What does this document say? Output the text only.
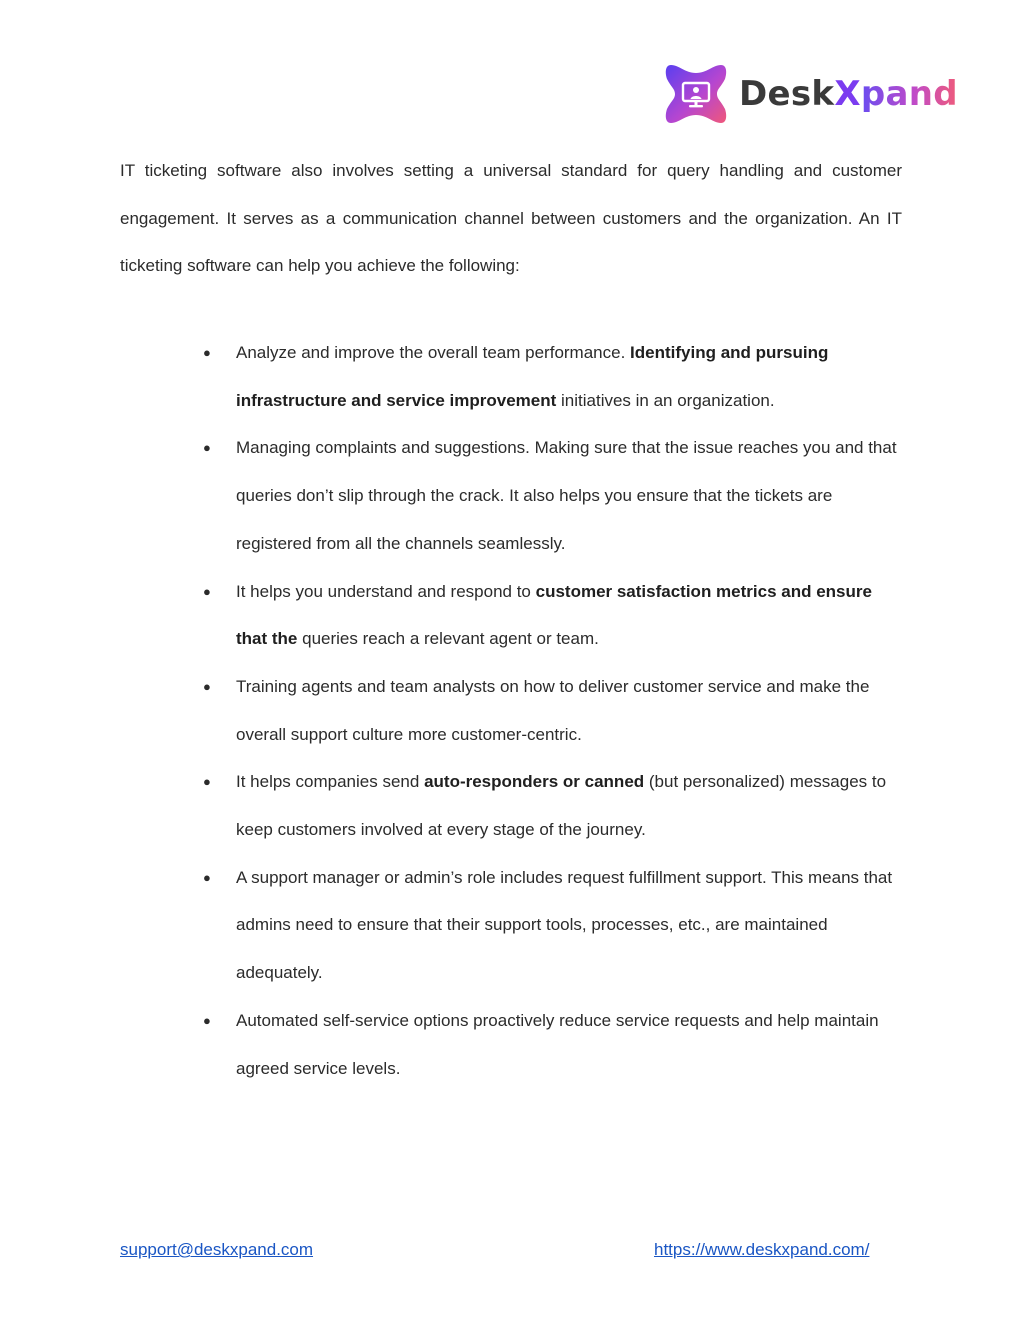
DeskXpand

IT ticketing software also involves setting a universal standard for query handling and customer engagement. It serves as a communication channel between customers and the organization. An IT ticketing software can help you achieve the following:

● Analyze and improve the overall team performance. Identifying and pursuing infrastructure and service improvement initiatives in an organization.
● Managing complaints and suggestions. Making sure that the issue reaches you and that queries don’t slip through the crack. It also helps you ensure that the tickets are registered from all the channels seamlessly.
● It helps you understand and respond to customer satisfaction metrics and ensure that the queries reach a relevant agent or team.
● Training agents and team analysts on how to deliver customer service and make the overall support culture more customer-centric.
● It helps companies send auto-responders or canned (but personalized) messages to keep customers involved at every stage of the journey.
● A support manager or admin’s role includes request fulfillment support. This means that admins need to ensure that their support tools, processes, etc., are maintained adequately.
● Automated self-service options proactively reduce service requests and help maintain agreed service levels.
support@deskxpand.com	https://www.deskxpand.com/
